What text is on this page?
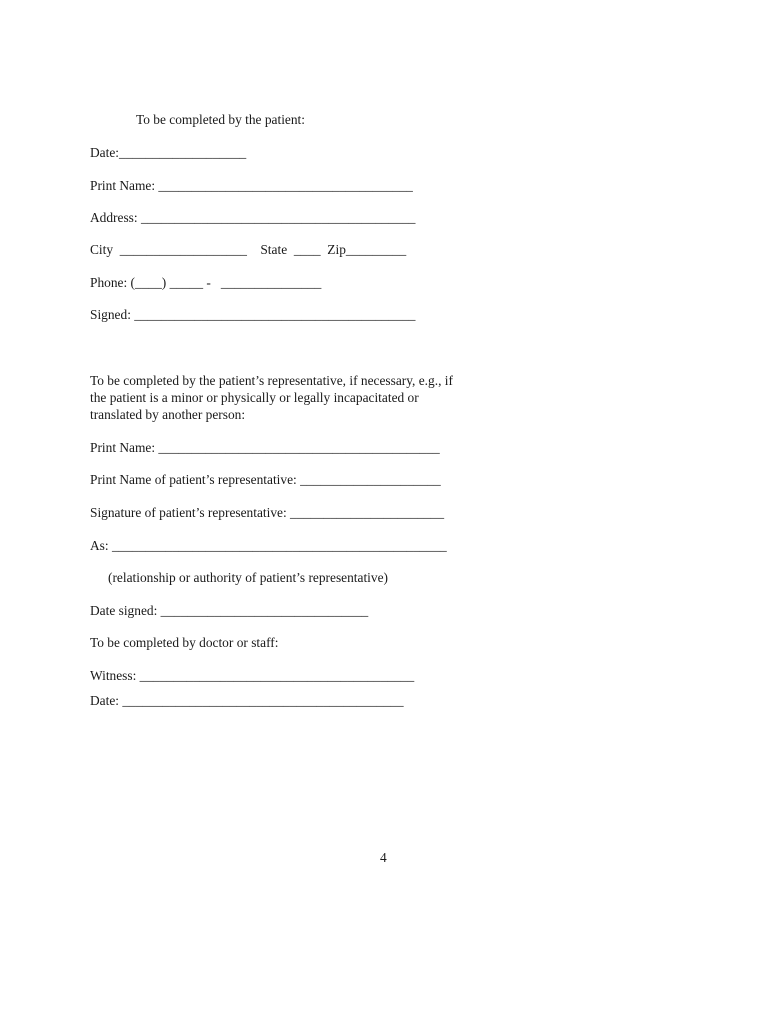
To be completed by the patient:
Date:___________________
Print Name: ______________________________________
Address: _________________________________________
City  ___________________    State  ____  Zip_________
Phone: (____) _____ -   _______________
Signed: __________________________________________
To be completed by the patient’s representative, if necessary, e.g., if
the patient is a minor or physically or legally incapacitated or
translated by another person:
Print Name: __________________________________________
Print Name of patient’s representative: _____________________
Signature of patient’s representative: _______________________
As: __________________________________________________
(relationship or authority of patient’s representative)
Date signed: _______________________________
To be completed by doctor or staff:
Witness: _________________________________________
Date: __________________________________________
4
